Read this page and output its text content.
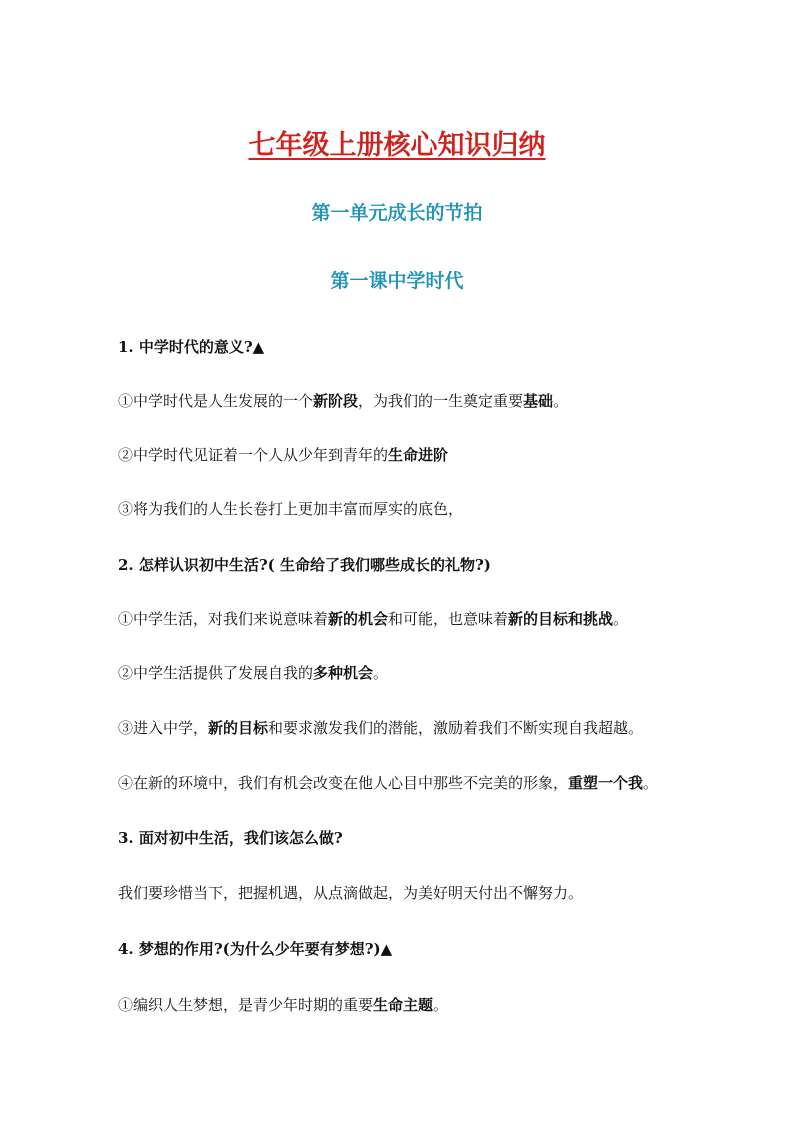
七年级上册核心知识归纳
第一单元成长的节拍
第一课中学时代
1. 中学时代的意义?▲
①中学时代是人生发展的一个新阶段，为我们的一生奠定重要基础。
②中学时代见证着一个人从少年到青年的生命进阶
③将为我们的人生长卷打上更加丰富而厚实的底色，
2. 怎样认识初中生活?( 生命给了我们哪些成长的礼物?)
①中学生活，对我们来说意味着新的机会和可能，也意味着新的目标和挑战。
②中学生活提供了发展自我的多种机会。
③进入中学，新的目标和要求激发我们的潜能，激励着我们不断实现自我超越。
④在新的环境中，我们有机会改变在他人心目中那些不完美的形象，重塑一个我。
3. 面对初中生活，我们该怎么做?
我们要珍惜当下，把握机遇，从点滴做起，为美好明天付出不懈努力。
4. 梦想的作用?(为什么少年要有梦想?)▲
①编织人生梦想，是青少年时期的重要生命主题。
